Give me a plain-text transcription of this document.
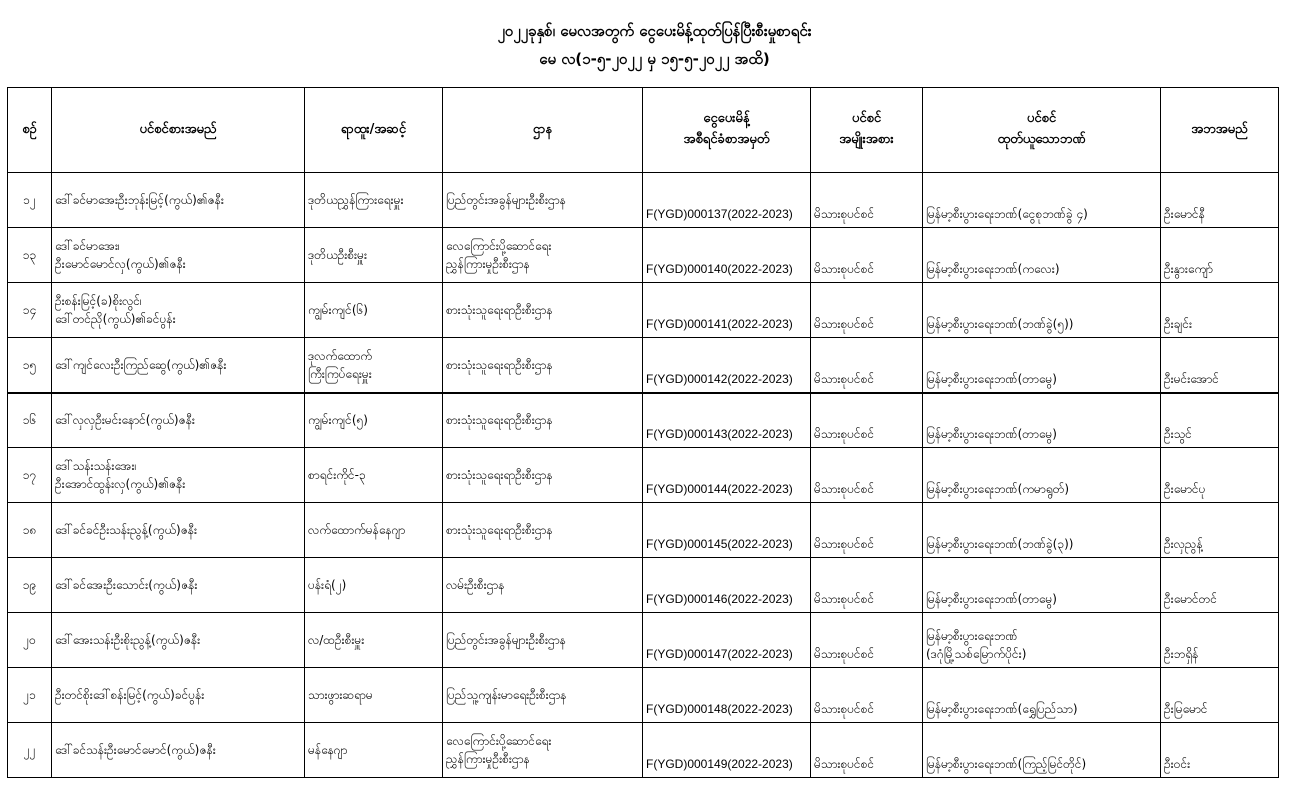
၂၀၂၂ခုနှစ်၊ မေလအတွက် ငွေပေးမိန့်ထုတ်ပြန်ပြီးစီးမှုစာရင်း
မေ လ(၁-၅-၂၀၂၂ မှ ၁၅-၅-၂၀၂၂ အထိ)
စဉ်	ပင်စင်စားအမည်	ရာထူး/အဆင့်	ဌာန	ငွေပေးမိန့်
အစီရင်ခံစာအမှတ်	ပင်စင်
အမျိုးအစား	ပင်စင်
ထုတ်ယူသောဘဏ်	အဘအမည်
၁၂	ဒေါ်ခင်မာအေးဦးဘုန်းမြင့်(ကွယ်)၏ဇနီး	ဒုတိယညွှန်ကြားရေးမှူး	ပြည်တွင်းအခွန်များဦးစီးဌာန	F(YGD)000137(2022-2023)	မိသားစုပင်စင်	မြန်မာ့စီးပွားရေးဘဏ်(ငွေစုဘဏ်ခွဲ ၄)	ဦးမောင်နီ
၁၃	ဒေါ်ခင်မာအေး၊
ဦးမောင်မောင်လှ(ကွယ်)၏ဇနီး	ဒုတိယဦးစီးမှူး	လေကြောင်းပို့ဆောင်ရေး
ညွှန်ကြားမှုဦးစီးဌာန	F(YGD)000140(2022-2023)	မိသားစုပင်စင်	မြန်မာ့စီးပွားရေးဘဏ်(ကလေး)	ဦးနွားကျော်
၁၄	ဦးစန်းမြင့်(ခ)စိုးလွင်၊
ဒေါ်တင်ညို(ကွယ်)၏ခင်ပွန်း	ကျွမ်းကျင်(၆)	စားသုံးသူရေးရာဦးစီးဌာန	F(YGD)000141(2022-2023)	မိသားစုပင်စင်	မြန်မာ့စီးပွားရေးဘဏ်(ဘဏ်ခွဲ(၅))	ဦးချင်း
၁၅	ဒေါ်ကျင်လေးဦးကြည်ဆွေ(ကွယ်)၏ဇနီး	ဒုလက်ထောက်
ကြီးကြပ်ရေးမှူး	စားသုံးသူရေးရာဦးစီးဌာန	F(YGD)000142(2022-2023)	မိသားစုပင်စင်	မြန်မာ့စီးပွားရေးဘဏ်(တာမွေ)	ဦးမင်းအောင်
၁၆	ဒေါ်လှလှဦးမင်းနောင်(ကွယ်)ဇနီး	ကျွမ်းကျင်(၅)	စားသုံးသူရေးရာဦးစီးဌာန	F(YGD)000143(2022-2023)	မိသားစုပင်စင်	မြန်မာ့စီးပွားရေးဘဏ်(တာမွေ)	ဦးသွင်
၁၇	ဒေါ်သန်းသန်းအေး၊
ဦးအောင်ထွန်းလှ(ကွယ်)၏ဇနီး	စာရင်းကိုင်-၃	စားသုံးသူရေးရာဦးစီးဌာန	F(YGD)000144(2022-2023)	မိသားစုပင်စင်	မြန်မာ့စီးပွားရေးဘဏ်(ကမာရွတ်)	ဦးမောင်ပု
၁၈	ဒေါ်ခင်ခင်ဦးသန်းညွန့်(ကွယ်)ဇနီး	လက်ထောက်မန်နေဂျာ	စားသုံးသူရေးရာဦးစီးဌာန	F(YGD)000145(2022-2023)	မိသားစုပင်စင်	မြန်မာ့စီးပွားရေးဘဏ်(ဘဏ်ခွဲ(၃))	ဦးလှညွန့်
၁၉	ဒေါ်ခင်အေးဦးသောင်း(ကွယ်)ဇနီး	ပန်းရံ(၂)	လမ်းဦးစီးဌာန	F(YGD)000146(2022-2023)	မိသားစုပင်စင်	မြန်မာ့စီးပွားရေးဘဏ်(တာမွေ)	ဦးမောင်တင်
၂၀	ဒေါ်အေးသန်းဦးစိုးညွန့်(ကွယ်)ဇနီး	လ/ထဦးစီးမှူး	ပြည်တွင်းအခွန်များဦးစီးဌာန	F(YGD)000147(2022-2023)	မိသားစုပင်စင်	မြန်မာ့စီးပွားရေးဘဏ်
(ဒဂုံမြို့သစ်မြောက်ပိုင်း)	ဦးဘရှိန်
၂၁	ဦးတင်စိုးဒေါ်စန်းမြင့်(ကွယ်)ခင်ပွန်း	သားဖွားဆရာမ	ပြည်သူ့ကျန်းမာရေးဦးစီးဌာန	F(YGD)000148(2022-2023)	မိသားစုပင်စင်	မြန်မာ့စီးပွားရေးဘဏ်(ရွှေပြည်သာ)	ဦးမြမောင်
၂၂	ဒေါ်ခင်သန်းဦးမောင်မောင်(ကွယ်)ဇနီး	မန်နေဂျာ	လေကြောင်းပို့ဆောင်ရေး
ညွှန်ကြားမှုဦးစီးဌာန	F(YGD)000149(2022-2023)	မိသားစုပင်စင်	မြန်မာ့စီးပွားရေးဘဏ်(ကြည့်မြင်တိုင်)	ဦးဝင်း
